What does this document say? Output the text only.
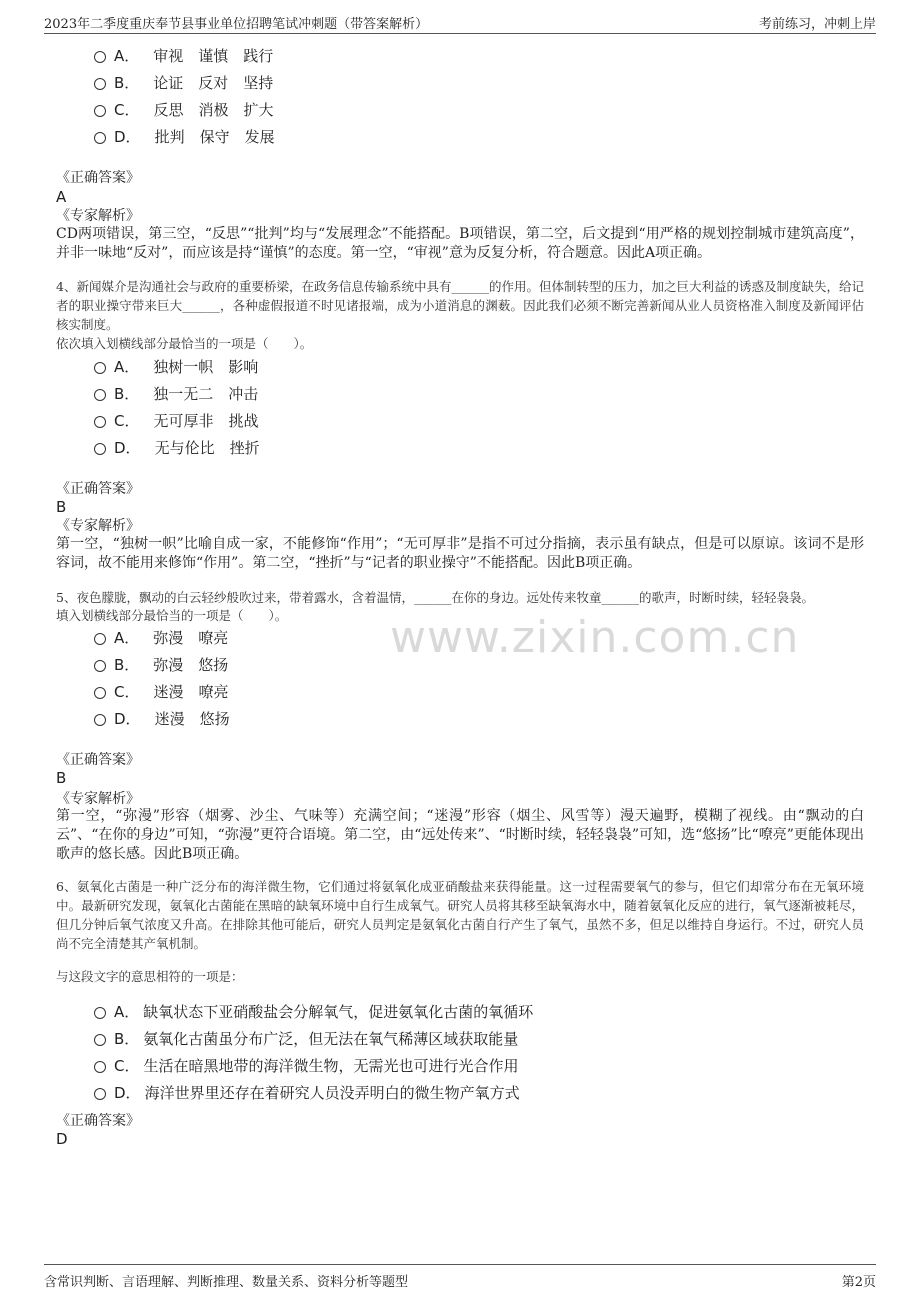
2023年二季度重庆奉节县事业单位招聘笔试冲刺题（带答案解析）	考前练习，冲刺上岸
www.zixin.com.cn
A． 审视　谨慎　践行
B． 论证　反对　坚持
C． 反思　消极　扩大
D． 批判　保守　发展
《正确答案》
A
《专家解析》
CD两项错误，第三空，“反思”“批判”均与“发展理念”不能搭配。B项错误，第二空，后文提到“用严格的规划控制城市建筑高度”，并非一味地“反对”，而应该是持“谨慎”的态度。第一空，“审视”意为反复分析，符合题意。因此A项正确。
4、新闻媒介是沟通社会与政府的重要桥梁，在政务信息传输系统中具有______的作用。但体制转型的压力，加之巨大利益的诱惑及制度缺失，给记者的职业操守带来巨大______，各种虚假报道不时见诸报端，成为小道消息的渊薮。因此我们必须不断完善新闻从业人员资格准入制度及新闻评估核实制度。
依次填入划横线部分最恰当的一项是（　　）。
A． 独树一帜　影响
B． 独一无二　冲击
C． 无可厚非　挑战
D． 无与伦比　挫折
《正确答案》
B
《专家解析》
第一空，“独树一帜”比喻自成一家，不能修饰“作用”；“无可厚非”是指不可过分指摘，表示虽有缺点，但是可以原谅。该词不是形容词，故不能用来修饰“作用”。第二空，“挫折”与“记者的职业操守”不能搭配。因此B项正确。
5、夜色朦胧，飘动的白云轻纱般吹过来，带着露水，含着温情，______在你的身边。远处传来牧童______的歌声，时断时续，轻轻袅袅。
填入划横线部分最恰当的一项是（　　）。
A． 弥漫　嘹亮
B． 弥漫　悠扬
C． 迷漫　嘹亮
D． 迷漫　悠扬
《正确答案》
B
《专家解析》
第一空，“弥漫”形容（烟雾、沙尘、气味等）充满空间；“迷漫”形容（烟尘、风雪等）漫天遍野，模糊了视线。由“飘动的白云”、“在你的身边”可知，“弥漫”更符合语境。第二空，由“远处传来”、“时断时续，轻轻袅袅”可知，选“悠扬”比“嘹亮”更能体现出歌声的悠长感。因此B项正确。
6、氨氧化古菌是一种广泛分布的海洋微生物，它们通过将氨氧化成亚硝酸盐来获得能量。这一过程需要氧气的参与，但它们却常分布在无氧环境中。最新研究发现，氨氧化古菌能在黑暗的缺氧环境中自行生成氧气。研究人员将其移至缺氧海水中，随着氨氧化反应的进行，氧气逐渐被耗尽，但几分钟后氧气浓度又升高。在排除其他可能后，研究人员判定是氨氧化古菌自行产生了氧气，虽然不多，但足以维持自身运行。不过，研究人员尚不完全清楚其产氧机制。
与这段文字的意思相符的一项是：
A． 缺氧状态下亚硝酸盐会分解氧气，促进氨氧化古菌的氧循环
B． 氨氧化古菌虽分布广泛，但无法在氧气稀薄区域获取能量
C． 生活在暗黑地带的海洋微生物，无需光也可进行光合作用
D． 海洋世界里还存在着研究人员没弄明白的微生物产氧方式
《正确答案》
D
含常识判断、言语理解、判断推理、数量关系、资料分析等题型	第2页
